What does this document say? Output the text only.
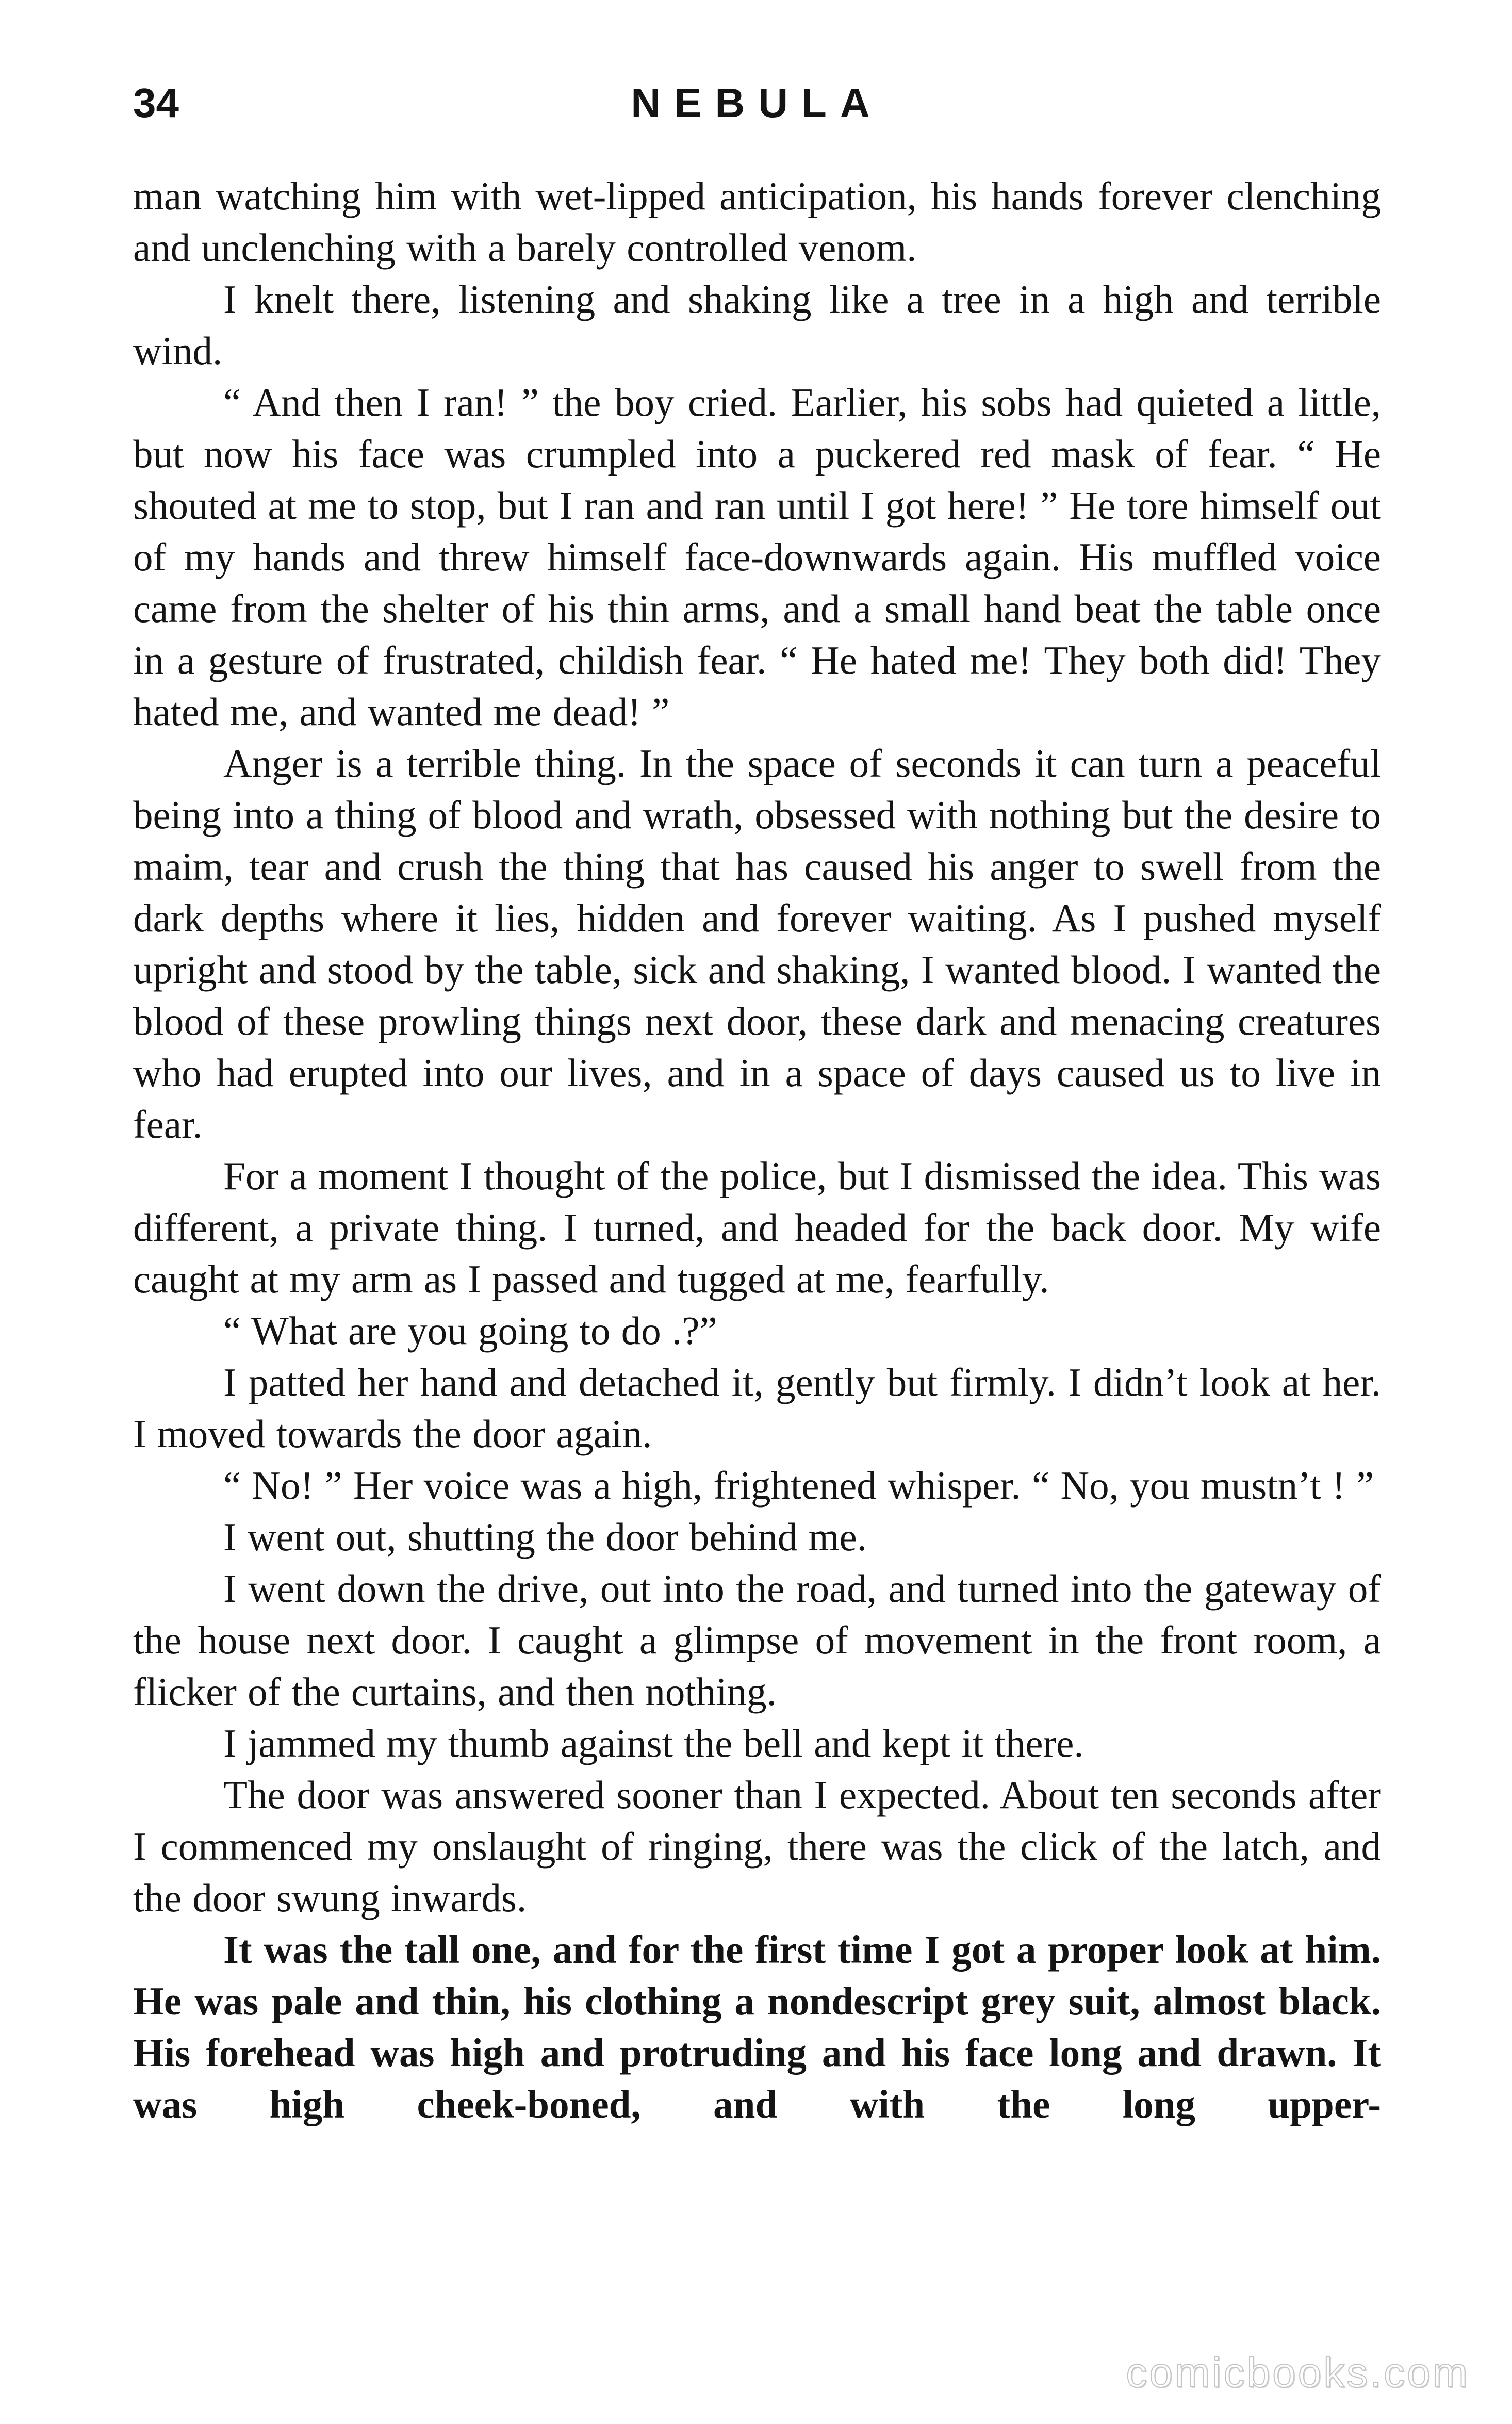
34	NEBULA

man watching him with wet-lipped anticipation, his hands forever clenching and unclenching with a barely controlled venom.

I knelt there, listening and shaking like a tree in a high and terrible wind.

“ And then I ran! ” the boy cried. Earlier, his sobs had quieted a little, but now his face was crumpled into a puckered red mask of fear. “ He shouted at me to stop, but I ran and ran until I got here! ” He tore himself out of my hands and threw himself face-downwards again. His muffled voice came from the shelter of his thin arms, and a small hand beat the table once in a gesture of frustrated, childish fear. “ He hated me! They both did! They hated me, and wanted me dead! ”

Anger is a terrible thing. In the space of seconds it can turn a peaceful being into a thing of blood and wrath, obsessed with nothing but the desire to maim, tear and crush the thing that has caused his anger to swell from the dark depths where it lies, hidden and forever waiting. As I pushed myself upright and stood by the table, sick and shaking, I wanted blood. I wanted the blood of these prowling things next door, these dark and menacing creatures who had erupted into our lives, and in a space of days caused us to live in fear.

For a moment I thought of the police, but I dismissed the idea. This was different, a private thing. I turned, and headed for the back door. My wife caught at my arm as I passed and tugged at me, fearfully.

“ What are you going to do .?”

I patted her hand and detached it, gently but firmly. I didn’t look at her. I moved towards the door again.

“ No! ” Her voice was a high, frightened whisper. “ No, you mustn’t ! ”

I went out, shutting the door behind me.

I went down the drive, out into the road, and turned into the gateway of the house next door. I caught a glimpse of movement in the front room, a flicker of the curtains, and then nothing.

I jammed my thumb against the bell and kept it there.

The door was answered sooner than I expected. About ten seconds after I commenced my onslaught of ringing, there was the click of the latch, and the door swung inwards.

It was the tall one, and for the first time I got a proper look at him. He was pale and thin, his clothing a nondescript grey suit, almost black. His forehead was high and protruding and his face long and drawn. It was high cheek-boned, and with the long upper-

comicbooks.com
